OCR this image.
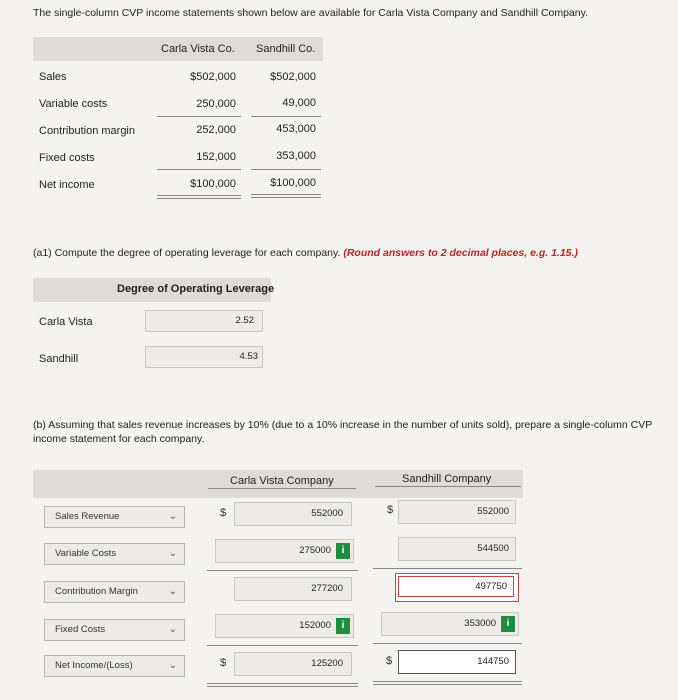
The single-column CVP income statements shown below are available for Carla Vista Company and Sandhill Company.
Carla Vista Co. Sandhill Co.
Sales	$502,000	$502,000
Variable costs	250,000	49,000
Contribution margin	252,000	453,000
Fixed costs	152,000	353,000
Net income	$100,000	$100,000
(a1) Compute the degree of operating leverage for each company. (Round answers to 2 decimal places, e.g. 1.15.)
Degree of Operating Leverage
Carla Vista	2.52
Sandhill	4.53
(b) Assuming that sales revenue increases by 10% (due to a 10% increase in the number of units sold), prepare a single-column CVP
income statement for each company.
Carla Vista Company	Sandhill Company
Sales Revenue	⌄	$	552000	$	552000
Variable Costs	⌄	275000	i	544500
Contribution Margin	⌄	277200	497750
Fixed Costs	⌄	152000	i	353000	i
Net Income/(Loss)	⌄	$	125200	$	144750
